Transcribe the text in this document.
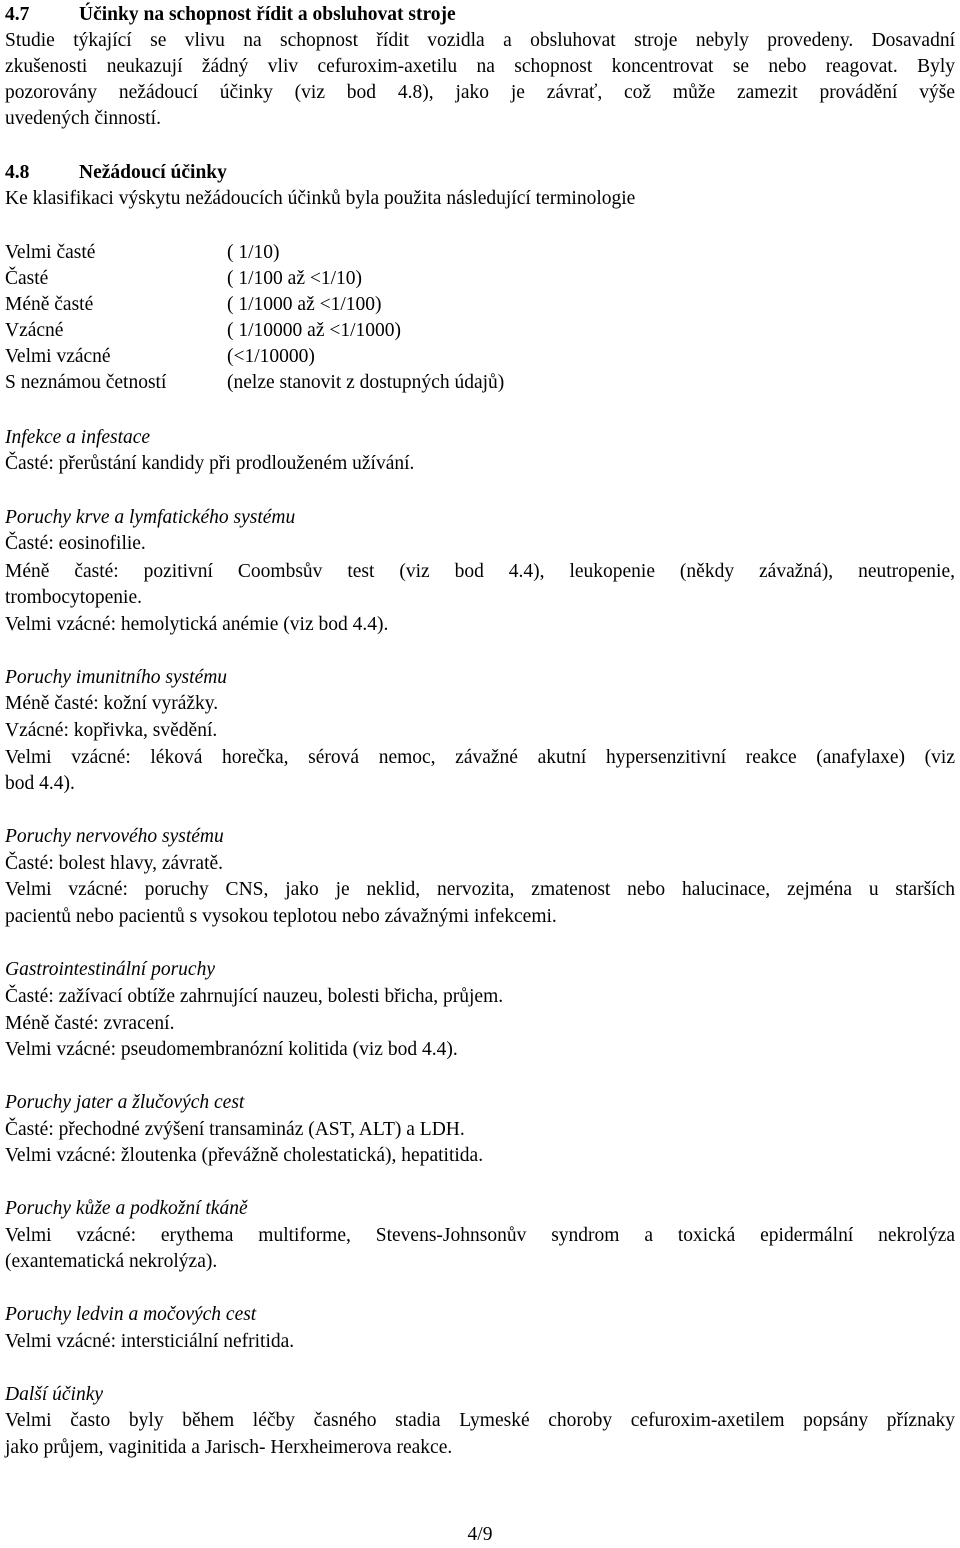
4.7	Účinky na schopnost řídit a obsluhovat stroje
Studie týkající se vlivu na schopnost řídit vozidla a obsluhovat stroje nebyly provedeny. Dosavadní
zkušenosti neukazují žádný vliv cefuroxim-axetilu na schopnost koncentrovat se nebo reagovat. Byly
pozorovány nežádoucí účinky (viz bod 4.8), jako je závrať, což může zamezit provádění výše
uvedených činností.
4.8	Nežádoucí účinky
Ke klasifikaci výskytu nežádoucích účinků byla použita následující terminologie
Velmi časté	( 1/10)
Časté	( 1/100 až <1/10)
Méně časté	( 1/1000 až <1/100)
Vzácné	( 1/10000 až <1/1000)
Velmi vzácné	(<1/10000)
S neznámou četností	(nelze stanovit z dostupných údajů)
Infekce a infestace
Časté: přerůstání kandidy při prodlouženém užívání.
Poruchy krve a lymfatického systému
Časté: eosinofilie.
Méně časté: pozitivní Coombsův test (viz bod 4.4), leukopenie (někdy závažná), neutropenie,
trombocytopenie.
Velmi vzácné: hemolytická anémie (viz bod 4.4).
Poruchy imunitního systému
Méně časté: kožní vyrážky.
Vzácné: kopřivka, svědění.
Velmi vzácné: léková horečka, sérová nemoc, závažné akutní hypersenzitivní reakce (anafylaxe) (viz
bod 4.4).
Poruchy nervového systému
Časté: bolest hlavy, závratě.
Velmi vzácné: poruchy CNS, jako je neklid, nervozita, zmatenost nebo halucinace, zejména u starších
pacientů nebo pacientů s vysokou teplotou nebo závažnými infekcemi.
Gastrointestinální poruchy
Časté: zažívací obtíže zahrnující nauzeu, bolesti břicha, průjem.
Méně časté: zvracení.
Velmi vzácné: pseudomembranózní kolitida (viz bod 4.4).
Poruchy jater a žlučových cest
Časté: přechodné zvýšení transamináz (AST, ALT) a LDH.
Velmi vzácné: žloutenka (převážně cholestatická), hepatitida.
Poruchy kůže a podkožní tkáně
Velmi vzácné: erythema multiforme, Stevens-Johnsonův syndrom a toxická epidermální nekrolýza
(exantematická nekrolýza).
Poruchy ledvin a močových cest
Velmi vzácné: intersticiální nefritida.
Další účinky
Velmi často byly během léčby časného stadia Lymeské choroby cefuroxim-axetilem popsány příznaky
jako průjem, vaginitida a Jarisch- Herxheimerova reakce.
4/9
